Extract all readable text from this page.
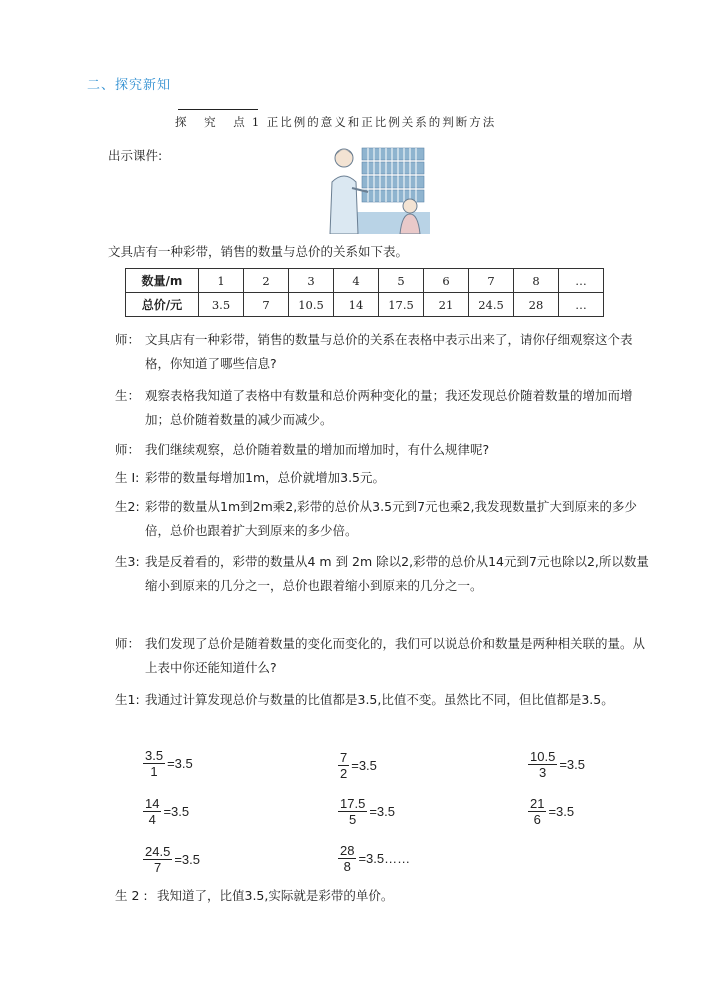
二、探究新知
探 究 点1 正比例的意义和正比例关系的判断方法
出示课件:
文具店有一种彩带，销售的数量与总价的关系如下表。
数量/m	1	2	3	4	5	6	7	8	…
总价/元	3.5	7	10.5	14	17.5	21	24.5	28	…
师： 文具店有一种彩带，销售的数量与总价的关系在表格中表示出来了，请你仔细观察这个表格，你知道了哪些信息?
生： 观察表格我知道了表格中有数量和总价两种变化的量；我还发现总价随着数量的增加而增加；总价随着数量的减少而减少。
师： 我们继续观察，总价随着数量的增加而增加时，有什么规律呢?
生 I: 彩带的数量每增加1m，总价就增加3.5元。
生2: 彩带的数量从1m到2m乘2,彩带的总价从3.5元到7元也乘2,我发现数量扩大到原来的多少倍，总价也跟着扩大到原来的多少倍。
生3: 我是反着看的，彩带的数量从4 m 到 2m 除以2,彩带的总价从14元到7元也除以2,所以数量缩小到原来的几分之一，总价也跟着缩小到原来的几分之一。
师： 我们发现了总价是随着数量的变化而变化的，我们可以说总价和数量是两种相关联的量。从上表中你还能知道什么?
生1: 我通过计算发现总价与数量的比值都是3.5,比值不变。虽然比不同，但比值都是3.5。
$\frac{3.5}{1} =3.5$	$\frac{7}{2} =3.5$	$\frac{10.5}{3} =3.5$
$\frac{14}{4} =3.5$	$\frac{17.5}{5} =3.5$	$\frac{21}{6} =3.5$
$\frac{24.5}{7} =3.5$	$\frac{28}{8}$ =3.5……
生 2 : 我知道了，比值3.5,实际就是彩带的单价。
